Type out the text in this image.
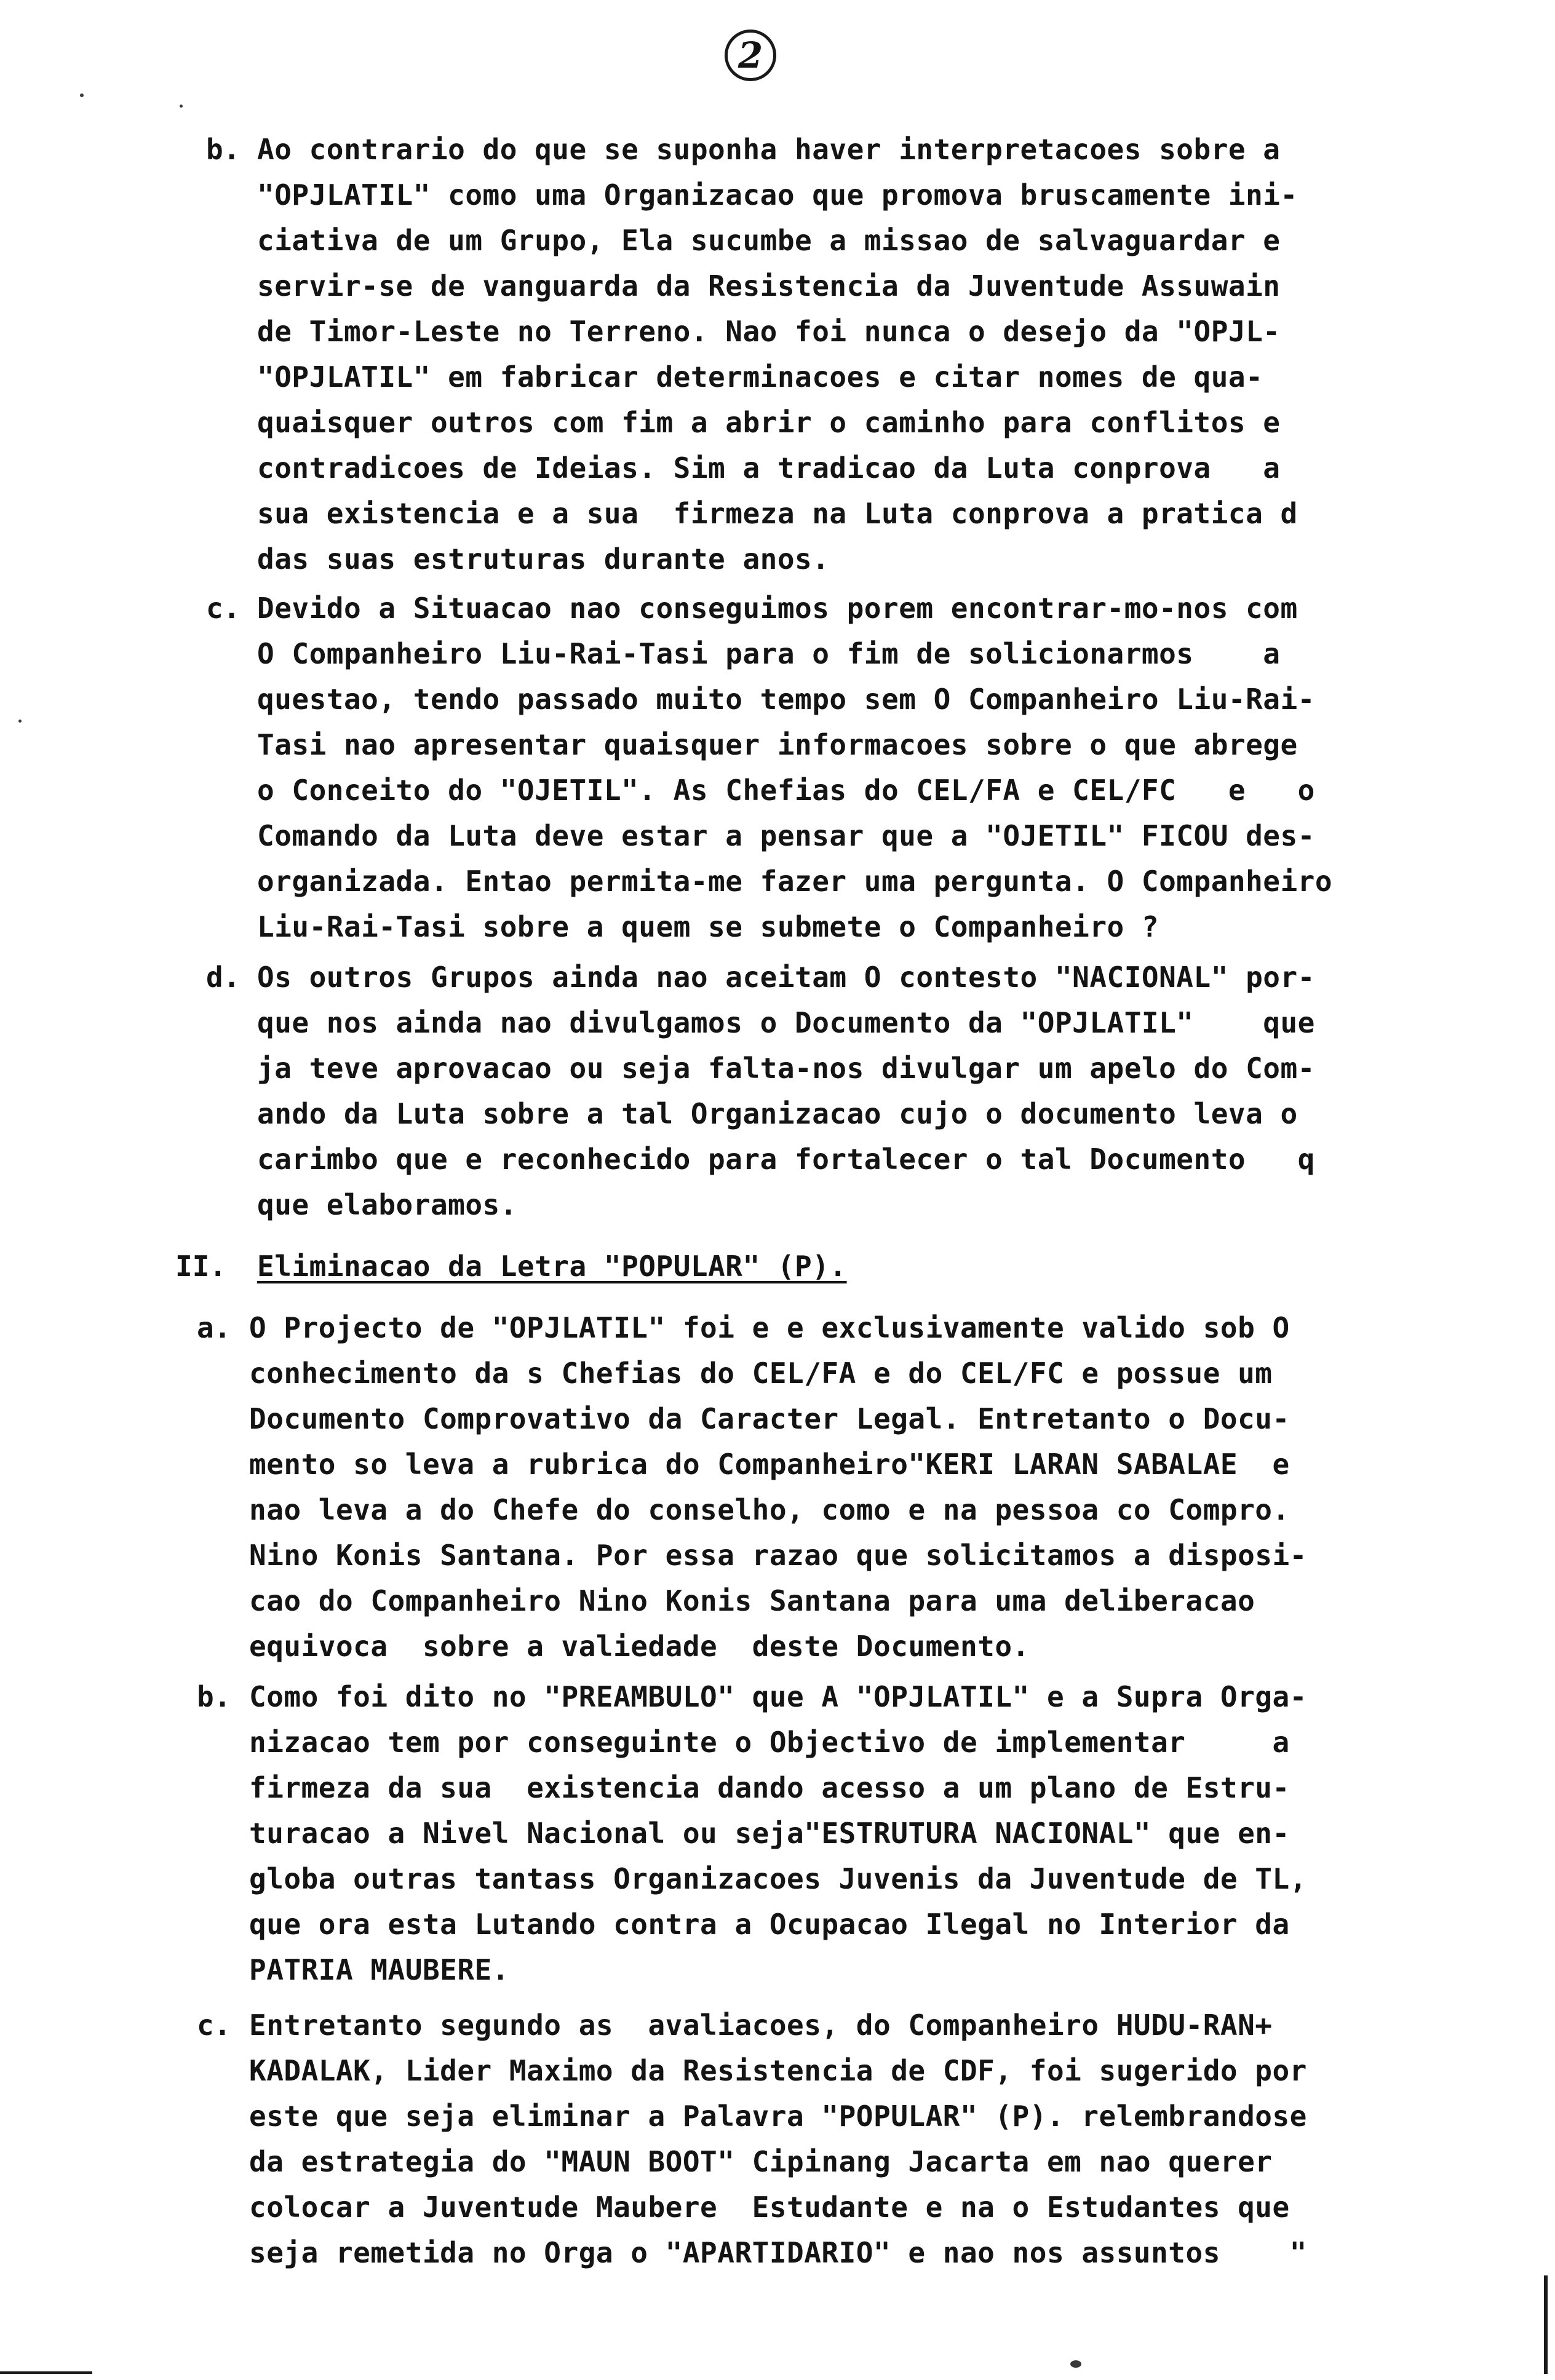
2
b. Ao contrario do que se suponha haver interpretacoes sobre a
"OPJLATIL" como uma Organizacao que promova bruscamente ini-
ciativa de um Grupo, Ela sucumbe a missao de salvaguardar e
servir-se de vanguarda da Resistencia da Juventude Assuwain
de Timor-Leste no Terreno. Nao foi nunca o desejo da "OPJL-
"OPJLATIL" em fabricar determinacoes e citar nomes de qua-
quaisquer outros com fim a abrir o caminho para conflitos e
contradicoes de Ideias. Sim a tradicao da Luta conprova   a
sua existencia e a sua  firmeza na Luta conprova a pratica d
das suas estruturas durante anos.
c. Devido a Situacao nao conseguimos porem encontrar-mo-nos com
O Companheiro Liu-Rai-Tasi para o fim de solicionarmos    a
questao, tendo passado muito tempo sem O Companheiro Liu-Rai-
Tasi nao apresentar quaisquer informacoes sobre o que abrege
o Conceito do "OJETIL". As Chefias do CEL/FA e CEL/FC   e   o
Comando da Luta deve estar a pensar que a "OJETIL" FICOU des-
organizada. Entao permita-me fazer uma pergunta. O Companheiro
Liu-Rai-Tasi sobre a quem se submete o Companheiro ?
d. Os outros Grupos ainda nao aceitam O contesto "NACIONAL" por-
que nos ainda nao divulgamos o Documento da "OPJLATIL"    que
ja teve aprovacao ou seja falta-nos divulgar um apelo do Com-
ando da Luta sobre a tal Organizacao cujo o documento leva o
carimbo que e reconhecido para fortalecer o tal Documento   q
que elaboramos.
II. Eliminacao da Letra "POPULAR" (P).
a. O Projecto de "OPJLATIL" foi e e exclusivamente valido sob O
conhecimento da s Chefias do CEL/FA e do CEL/FC e possue um
Documento Comprovativo da Caracter Legal. Entretanto o Docu-
mento so leva a rubrica do Companheiro"KERI LARAN SABALAE  e
nao leva a do Chefe do conselho, como e na pessoa co Compro.
Nino Konis Santana. Por essa razao que solicitamos a disposi-
cao do Companheiro Nino Konis Santana para uma deliberacao
equivoca  sobre a valiedade  deste Documento.
b. Como foi dito no "PREAMBULO" que A "OPJLATIL" e a Supra Orga-
nizacao tem por conseguinte o Objectivo de implementar     a
firmeza da sua  existencia dando acesso a um plano de Estru-
turacao a Nivel Nacional ou seja"ESTRUTURA NACIONAL" que en-
globa outras tantass Organizacoes Juvenis da Juventude de TL,
que ora esta Lutando contra a Ocupacao Ilegal no Interior da
PATRIA MAUBERE.
c. Entretanto segundo as  avaliacoes, do Companheiro HUDU-RAN+
KADALAK, Lider Maximo da Resistencia de CDF, foi sugerido por
este que seja eliminar a Palavra "POPULAR" (P). relembrandose
da estrategia do "MAUN BOOT" Cipinang Jacarta em nao querer
colocar a Juventude Maubere  Estudante e na o Estudantes que
seja remetida no Orga o "APARTIDARIO" e nao nos assuntos    "
